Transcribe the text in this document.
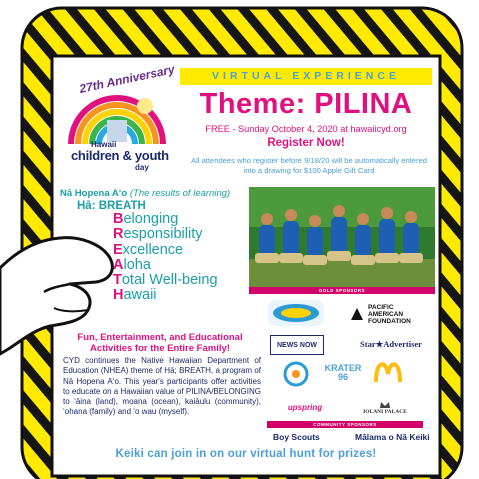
27th Anniversary
Hawaii
children & youth
day
VIRTUAL EXPERIENCE
Theme: PILINA
FREE - Sunday October 4, 2020 at hawaiicyd.org
Register Now!
All attendees who register before 9/18/20 will be automatically entered into a drawing for $100 Apple Gift Card
Nā Hopena A‘o (The results of learning)
Hā: BREATH
Belonging
Responsibility
Excellence
Aloha
Total Well-being
Hawaii	GOLD SPONSORS
PACIFIC AMERICAN FOUNDATION
NEWS NOW	Star★Advertiser
KRATER 96
upspring
IOLANI PALACE
COMMUNITY SPONSORS
Boy Scouts	Mālama o Nā Keiki
Fun, Entertainment, and Educational Activities for the Entire Family!
CYD continues the Native Hawaiian Department of Education (NHEA) theme of Hā; BREATH, a program of Nā Hopena A‘o. This year's participants offer activities to educate on a Hawaiian value of PILINA/BELONGING to ‘āina (land), moana (ocean), kaiāulu (community), ‘ohana (family) and ‘o wau (myself).
Keiki can join in on our virtual hunt for prizes!
